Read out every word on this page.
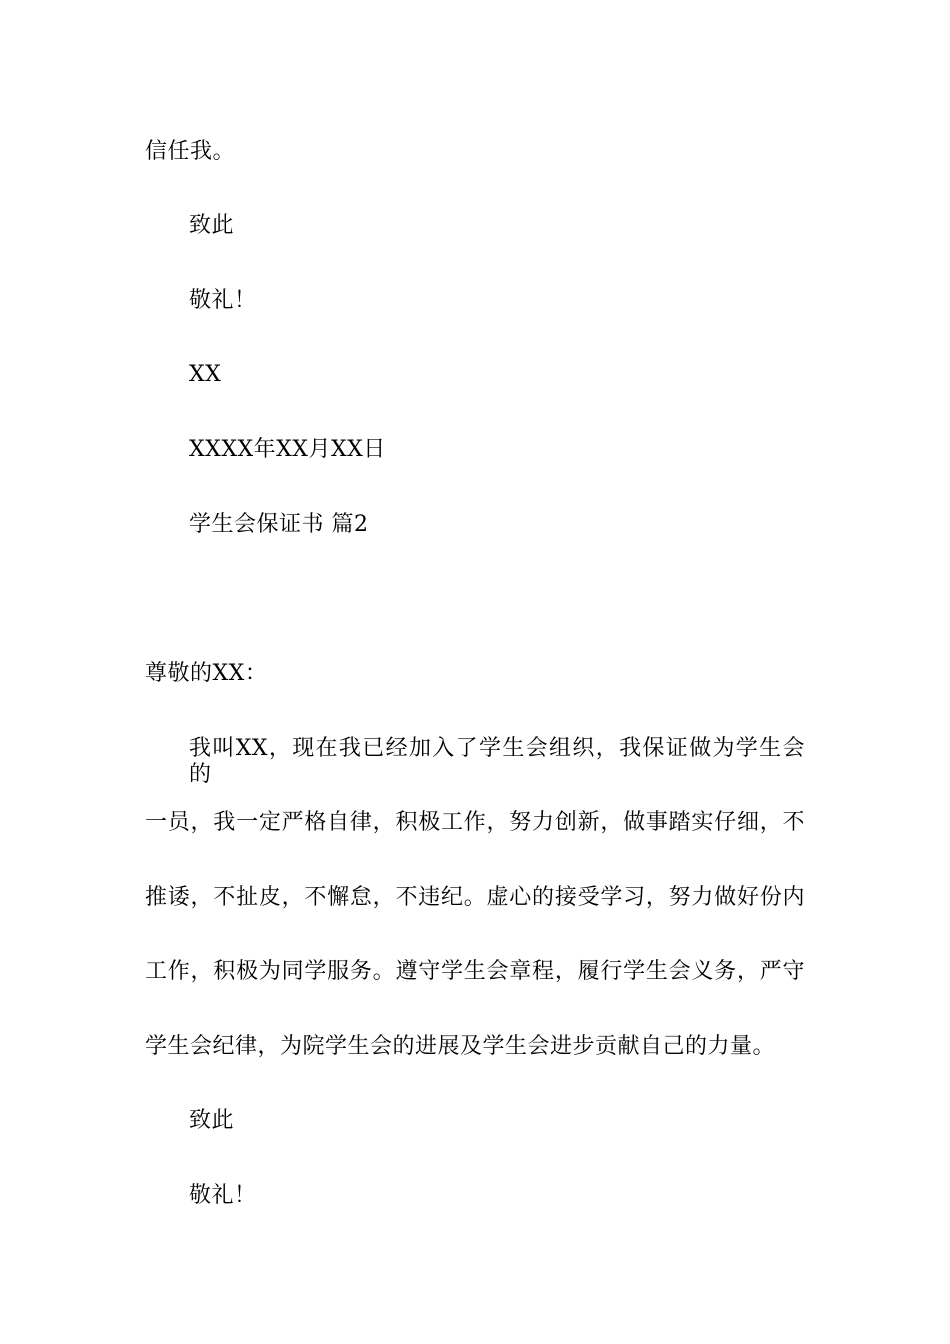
信任我。
致此
敬礼！
XX
XXXX年XX月XX日
学生会保证书 篇2
尊敬的XX：
我叫XX，现在我已经加入了学生会组织，我保证做为学生会的
一员，我一定严格自律，积极工作，努力创新，做事踏实仔细，不
推诿，不扯皮，不懈怠，不违纪。虚心的接受学习，努力做好份内
工作，积极为同学服务。遵守学生会章程，履行学生会义务，严守
学生会纪律，为院学生会的进展及学生会进步贡献自己的力量。
致此
敬礼！
